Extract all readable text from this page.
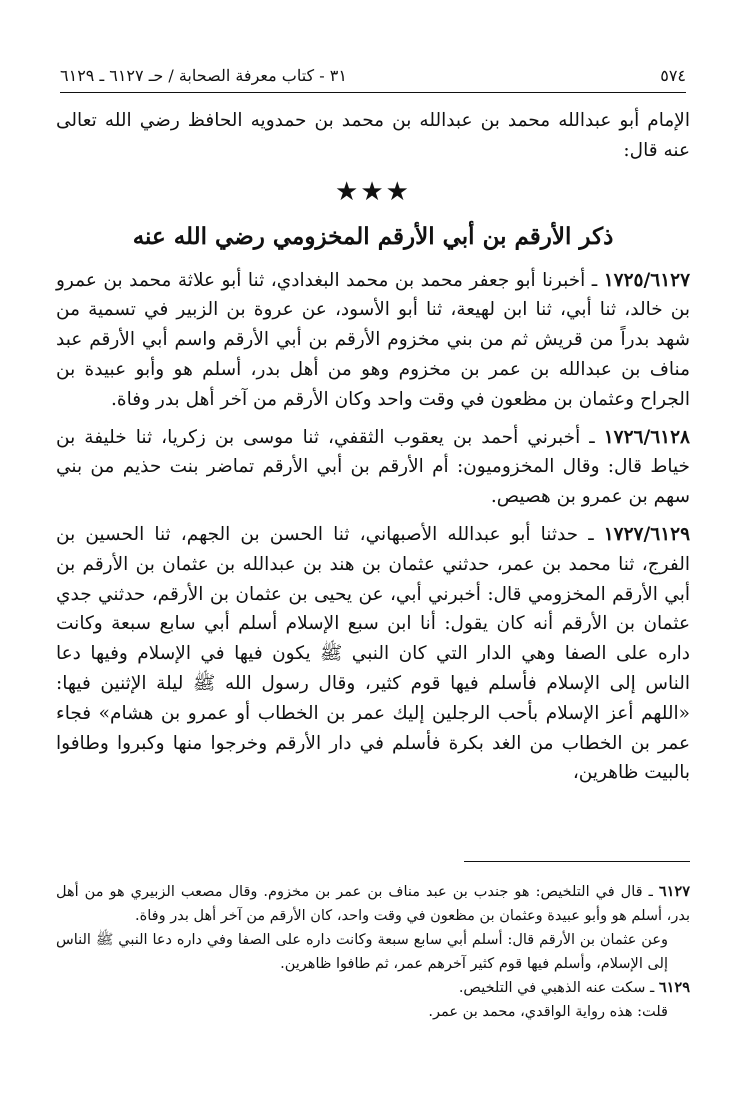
٥٧٤
٣١ - كتاب معرفة الصحابة / حـ ٦١٢٧ ـ ٦١٢٩

الإمام أبو عبدالله محمد بن عبدالله بن محمد بن حمدويه الحافظ رضي الله تعالى عنه قال:

★★★
ذكر الأرقم بن أبي الأرقم المخزومي رضي الله عنه

١٧٢٥/٦١٢٧ ـ أخبرنا أبو جعفر محمد بن محمد البغدادي، ثنا أبو علاثة محمد بن عمرو بن خالد، ثنا أبي، ثنا ابن لهيعة، ثنا أبو الأسود، عن عروة بن الزبير في تسمية من شهد بدراً من قريش ثم من بني مخزوم الأرقم بن أبي الأرقم واسم أبي الأرقم عبد مناف بن عبدالله بن عمر بن مخزوم وهو من أهل بدر، أسلم هو وأبو عبيدة بن الجراح وعثمان بن مظعون في وقت واحد وكان الأرقم من آخر أهل بدر وفاة.

١٧٢٦/٦١٢٨ ـ أخبرني أحمد بن يعقوب الثقفي، ثنا موسى بن زكريا، ثنا خليفة بن خياط قال: وقال المخزوميون: أم الأرقم بن أبي الأرقم تماضر بنت حذيم من بني سهم بن عمرو بن هصيص.

١٧٢٧/٦١٢٩ ـ حدثنا أبو عبدالله الأصبهاني، ثنا الحسن بن الجهم، ثنا الحسين بن الفرج، ثنا محمد بن عمر، حدثني عثمان بن هند بن عبدالله بن عثمان بن الأرقم بن أبي الأرقم المخزومي قال: أخبرني أبي، عن يحيى بن عثمان بن الأرقم، حدثني جدي عثمان بن الأرقم أنه كان يقول: أنا ابن سبع الإسلام أسلم أبي سابع سبعة وكانت داره على الصفا وهي الدار التي كان النبي ﷺ يكون فيها في الإسلام وفيها دعا الناس إلى الإسلام فأسلم فيها قوم كثير، وقال رسول الله ﷺ ليلة الإثنين فيها: «اللهم أعز الإسلام بأحب الرجلين إليك عمر بن الخطاب أو عمرو بن هشام» فجاء عمر بن الخطاب من الغد بكرة فأسلم في دار الأرقم وخرجوا منها وكبروا وطافوا بالبيت ظاهرين،

٦١٢٧ ـ قال في التلخيص: هو جندب بن عبد مناف بن عمر بن مخزوم. وقال مصعب الزبيري هو من أهل بدر، أسلم هو وأبو عبيدة وعثمان بن مظعون في وقت واحد، كان الأرقم من آخر أهل بدر وفاة.

وعن عثمان بن الأرقم قال: أسلم أبي سابع سبعة وكانت داره على الصفا وفي داره دعا النبي ﷺ الناس إلى الإسلام، وأسلم فيها قوم كثير آخرهم عمر، ثم طافوا ظاهرين.

٦١٢٩ ـ سكت عنه الذهبي في التلخيص.

قلت: هذه رواية الواقدي، محمد بن عمر.
